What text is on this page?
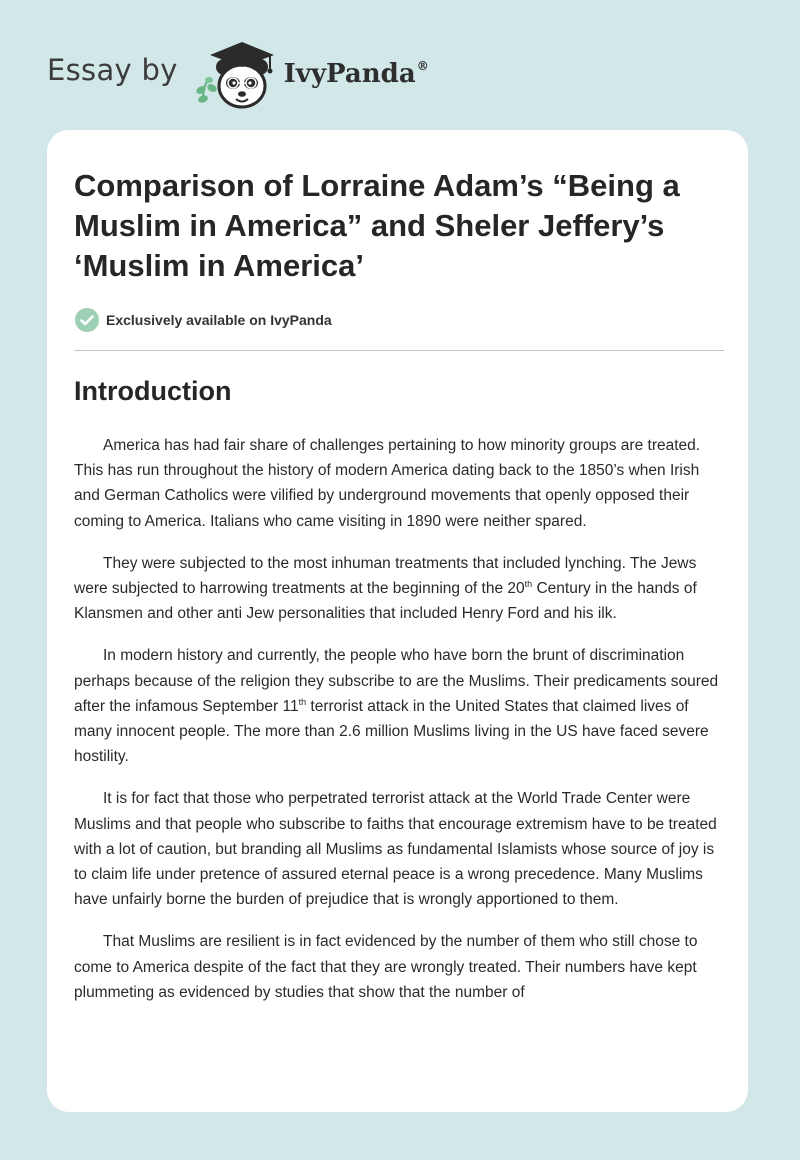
Essay by	IvyPanda®
Comparison of Lorraine Adam’s “Being a Muslim in America” and Sheler Jeffery’s ‘Muslim in America’
Exclusively available on IvyPanda
Introduction

America has had fair share of challenges pertaining to how minority groups are treated. This has run throughout the history of modern America dating back to the 1850’s when Irish and German Catholics were vilified by underground movements that openly opposed their coming to America. Italians who came visiting in 1890 were neither spared.

They were subjected to the most inhuman treatments that included lynching. The Jews were subjected to harrowing treatments at the beginning of the 20th Century in the hands of Klansmen and other anti Jew personalities that included Henry Ford and his ilk.

In modern history and currently, the people who have born the brunt of discrimination perhaps because of the religion they subscribe to are the Muslims. Their predicaments soured after the infamous September 11th terrorist attack in the United States that claimed lives of many innocent people. The more than 2.6 million Muslims living in the US have faced severe hostility.

It is for fact that those who perpetrated terrorist attack at the World Trade Center were Muslims and that people who subscribe to faiths that encourage extremism have to be treated with a lot of caution, but branding all Muslims as fundamental Islamists whose source of joy is to claim life under pretence of assured eternal peace is a wrong precedence. Many Muslims have unfairly borne the burden of prejudice that is wrongly apportioned to them.

That Muslims are resilient is in fact evidenced by the number of them who still chose to come to America despite of the fact that they are wrongly treated. Their numbers have kept plummeting as evidenced by studies that show that the number of
